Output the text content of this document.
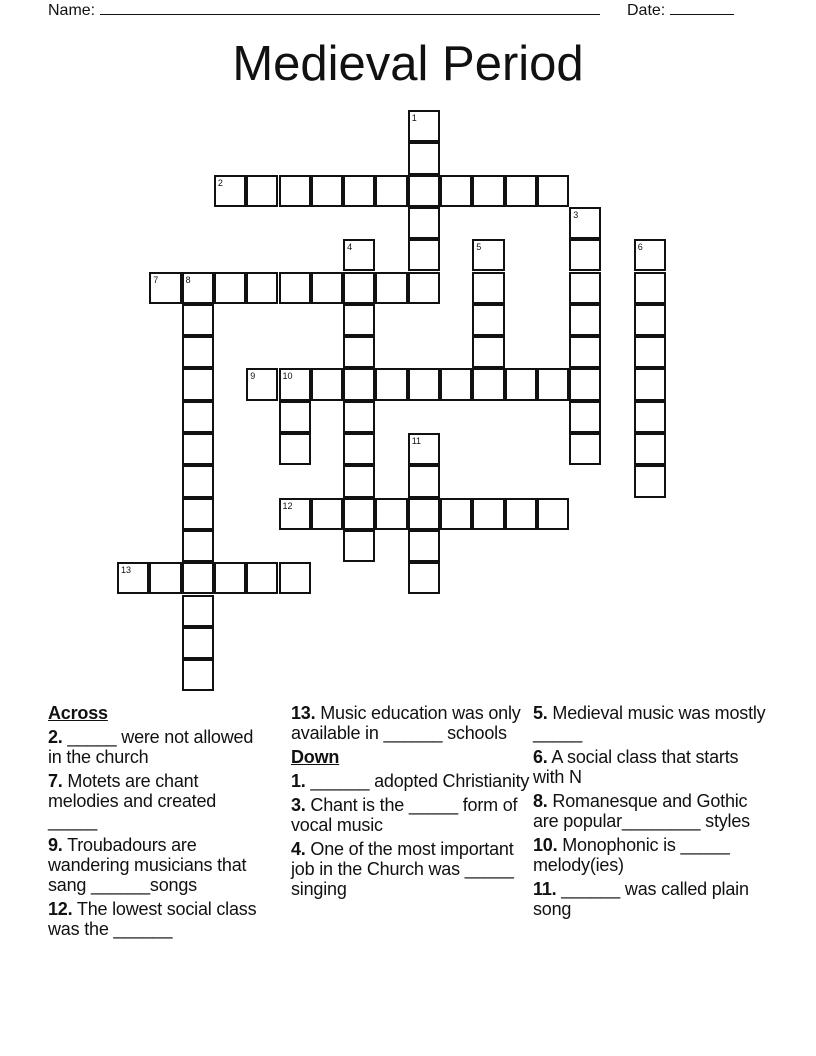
Name:	Date:
Medieval Period
1
2
3
4	5	6
7	8
9	10
11
12
13
Across
2. _____ were not allowed in the church
7. Motets are chant melodies and created _____
9. Troubadours are wandering musicians that sang ______songs
12. The lowest social class was the ______
13. Music education was only available in ______ schools
Down
1. ______ adopted Christianity
3. Chant is the _____ form of vocal music
4. One of the most important job in the Church was _____ singing
5. Medieval music was mostly _____
6. A social class that starts with N
8. Romanesque and Gothic are popular________ styles
10. Monophonic is _____ melody(ies)
11. ______ was called plain song
